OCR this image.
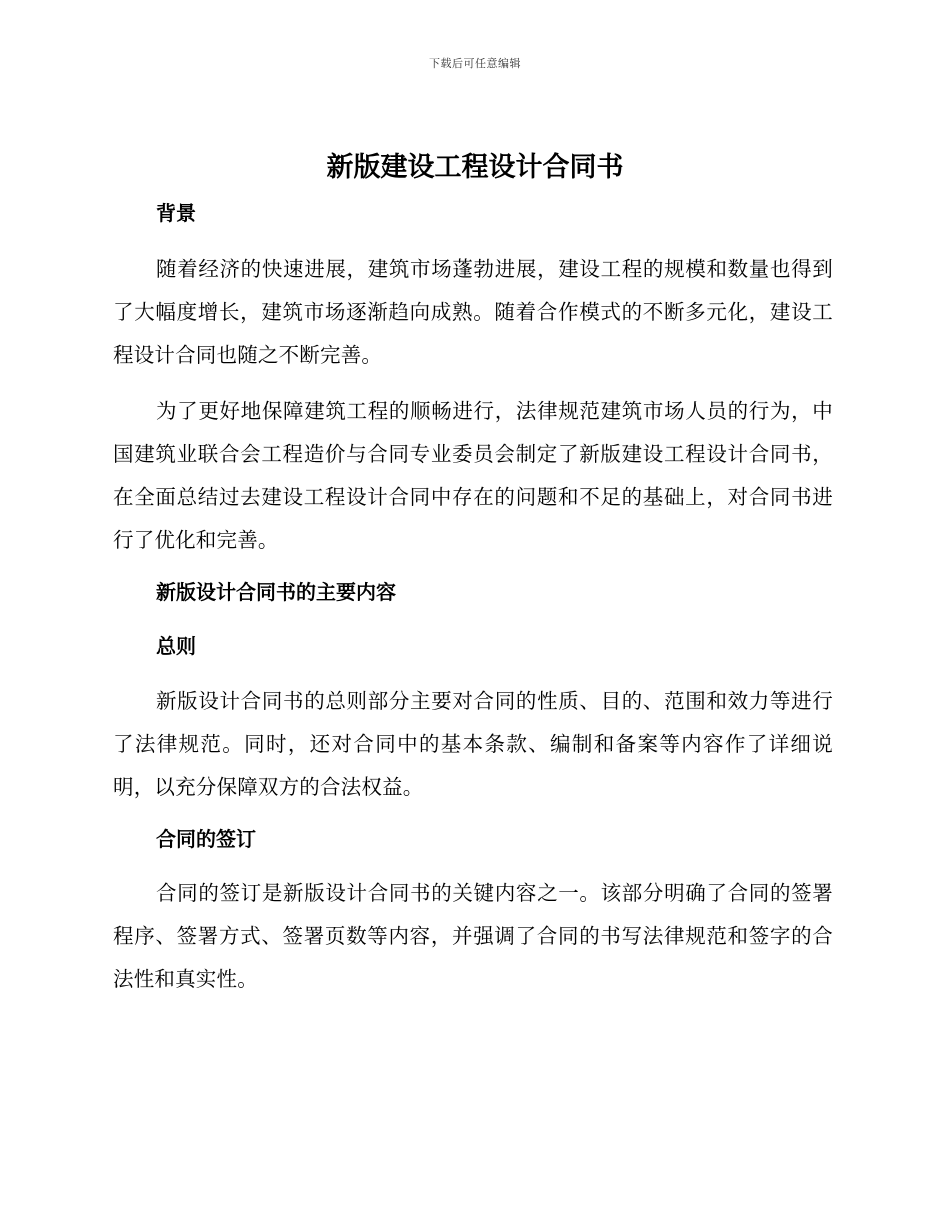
下载后可任意编辑
新版建设工程设计合同书

背景

随着经济的快速进展，建筑市场蓬勃进展，建设工程的规模和数量也得到了大幅度增长，建筑市场逐渐趋向成熟。随着合作模式的不断多元化，建设工程设计合同也随之不断完善。

为了更好地保障建筑工程的顺畅进行，法律规范建筑市场人员的行为，中国建筑业联合会工程造价与合同专业委员会制定了新版建设工程设计合同书，在全面总结过去建设工程设计合同中存在的问题和不足的基础上，对合同书进行了优化和完善。

新版设计合同书的主要内容

总则

新版设计合同书的总则部分主要对合同的性质、目的、范围和效力等进行了法律规范。同时，还对合同中的基本条款、编制和备案等内容作了详细说明，以充分保障双方的合法权益。

合同的签订

合同的签订是新版设计合同书的关键内容之一。该部分明确了合同的签署程序、签署方式、签署页数等内容，并强调了合同的书写法律规范和签字的合法性和真实性。
